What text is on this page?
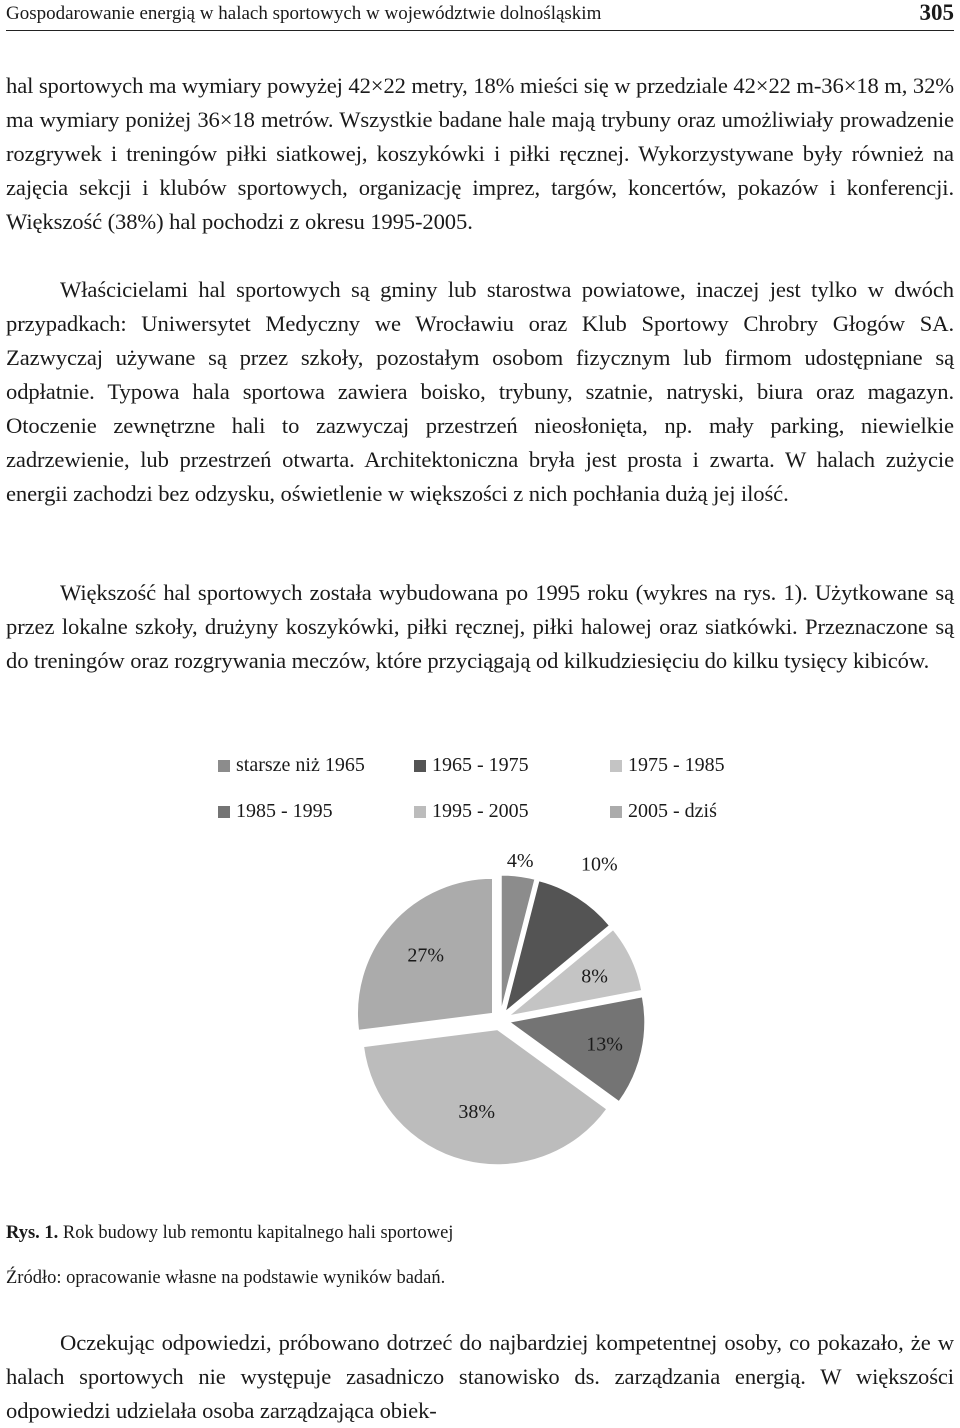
Gospodarowanie energią w halach sportowych w województwie dolnośląskim	305

hal sportowych ma wymiary powyżej 42×22 metry, 18% mieści się w przedziale 42×22 m-36×18 m, 32% ma wymiary poniżej 36×18 metrów. Wszystkie badane hale mają trybuny oraz umożliwiały prowadzenie rozgrywek i treningów piłki siatkowej, koszykówki i piłki ręcznej. Wykorzystywane były również na zajęcia sekcji i klubów sportowych, organizację imprez, targów, koncertów, pokazów i konferencji. Większość (38%) hal pochodzi z okresu 1995-2005.

Właścicielami hal sportowych są gminy lub starostwa powiatowe, inaczej jest tylko w dwóch przypadkach: Uniwersytet Medyczny we Wrocławiu oraz Klub Sportowy Chrobry Głogów SA. Zazwyczaj używane są przez szkoły, pozostałym osobom fizycznym lub firmom udostępniane są odpłatnie. Typowa hala sportowa zawiera boisko, trybuny, szatnie, natryski, biura oraz magazyn. Otoczenie zewnętrzne hali to zazwyczaj przestrzeń nieosłonięta, np. mały parking, niewielkie zadrzewienie, lub przestrzeń otwarta. Architektoniczna bryła jest prosta i zwarta. W halach zużycie energii zachodzi bez odzysku, oświetlenie w większości z nich pochłania dużą jej ilość.

Większość hal sportowych została wybudowana po 1995 roku (wykres na rys. 1). Użytkowane są przez lokalne szkoły, drużyny koszykówki, piłki ręcznej, piłki halowej oraz siatkówki. Przeznaczone są do treningów oraz rozgrywania meczów, które przyciągają od kilkudziesięciu do kilku tysięcy kibiców.

starsze niż 1965	1965 - 1975	1975 - 1985
1985 - 1995	1995 - 2005	2005 - dziś
4% 10%
8%
13%
38%
27%
Rys. 1. Rok budowy lub remontu kapitalnego hali sportowej
Źródło: opracowanie własne na podstawie wyników badań.

Oczekując odpowiedzi, próbowano dotrzeć do najbardziej kompetentnej osoby, co pokazało, że w halach sportowych nie występuje zasadniczo stanowisko ds. zarządzania energią. W większości odpowiedzi udzielała osoba zarządzająca obiek-
